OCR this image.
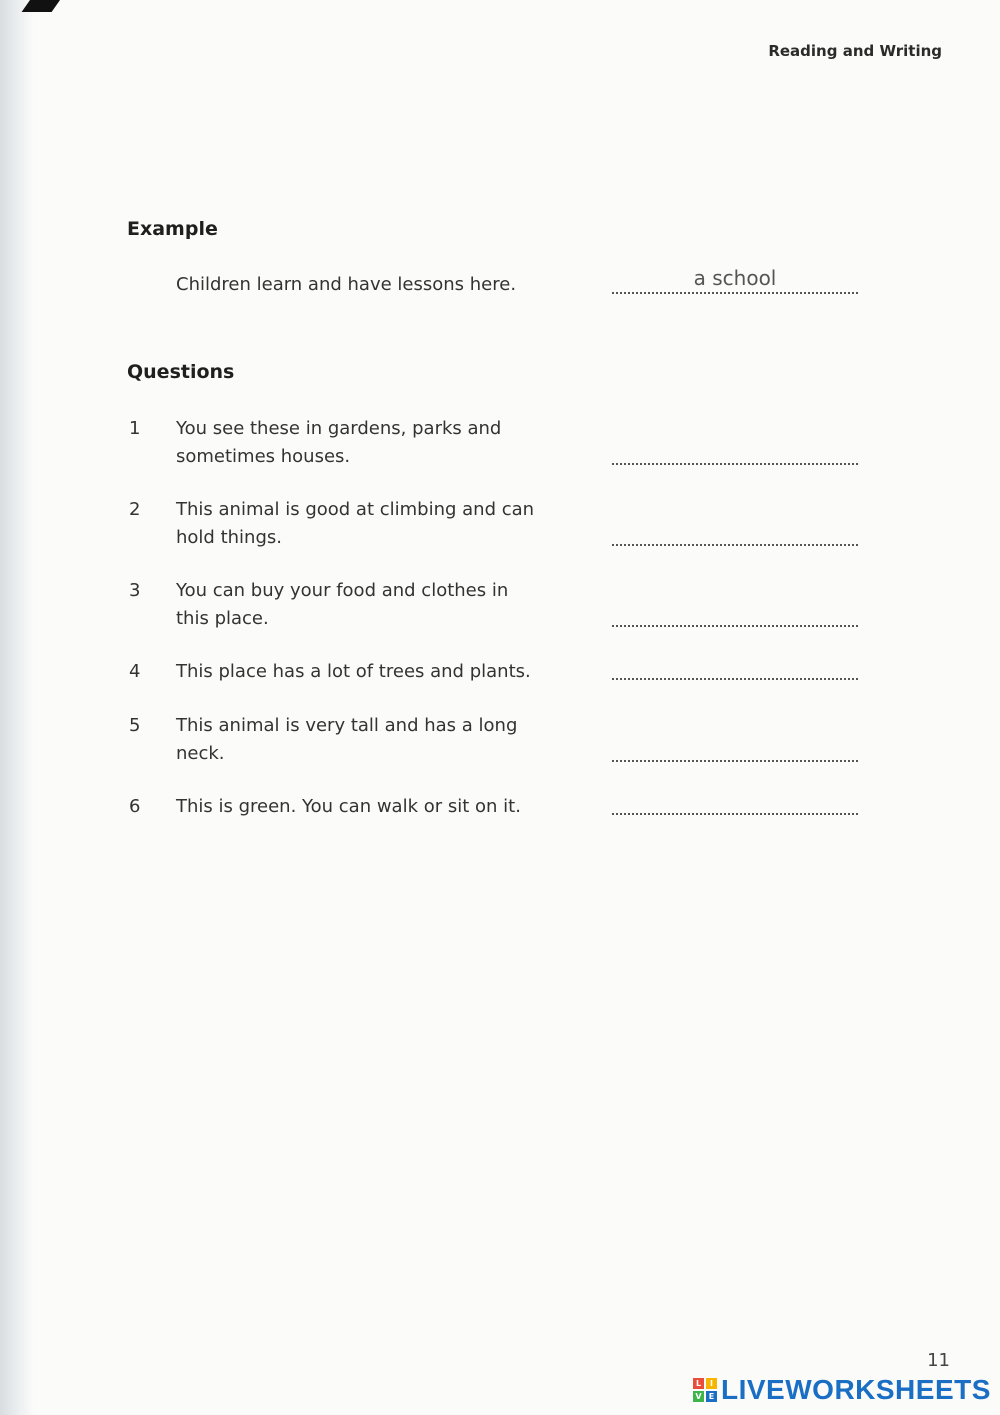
Reading and Writing
Example
Children learn and have lessons here.	a school
Questions
1 You see these in gardens, parks and
sometimes houses.
2 This animal is good at climbing and can
hold things.
3 You can buy your food and clothes in
this place.
4 This place has a lot of trees and plants.
5 This animal is very tall and has a long
neck.
6 This is green. You can walk or sit on it.
11
L	I
V E LIVEWORKSHEETS
